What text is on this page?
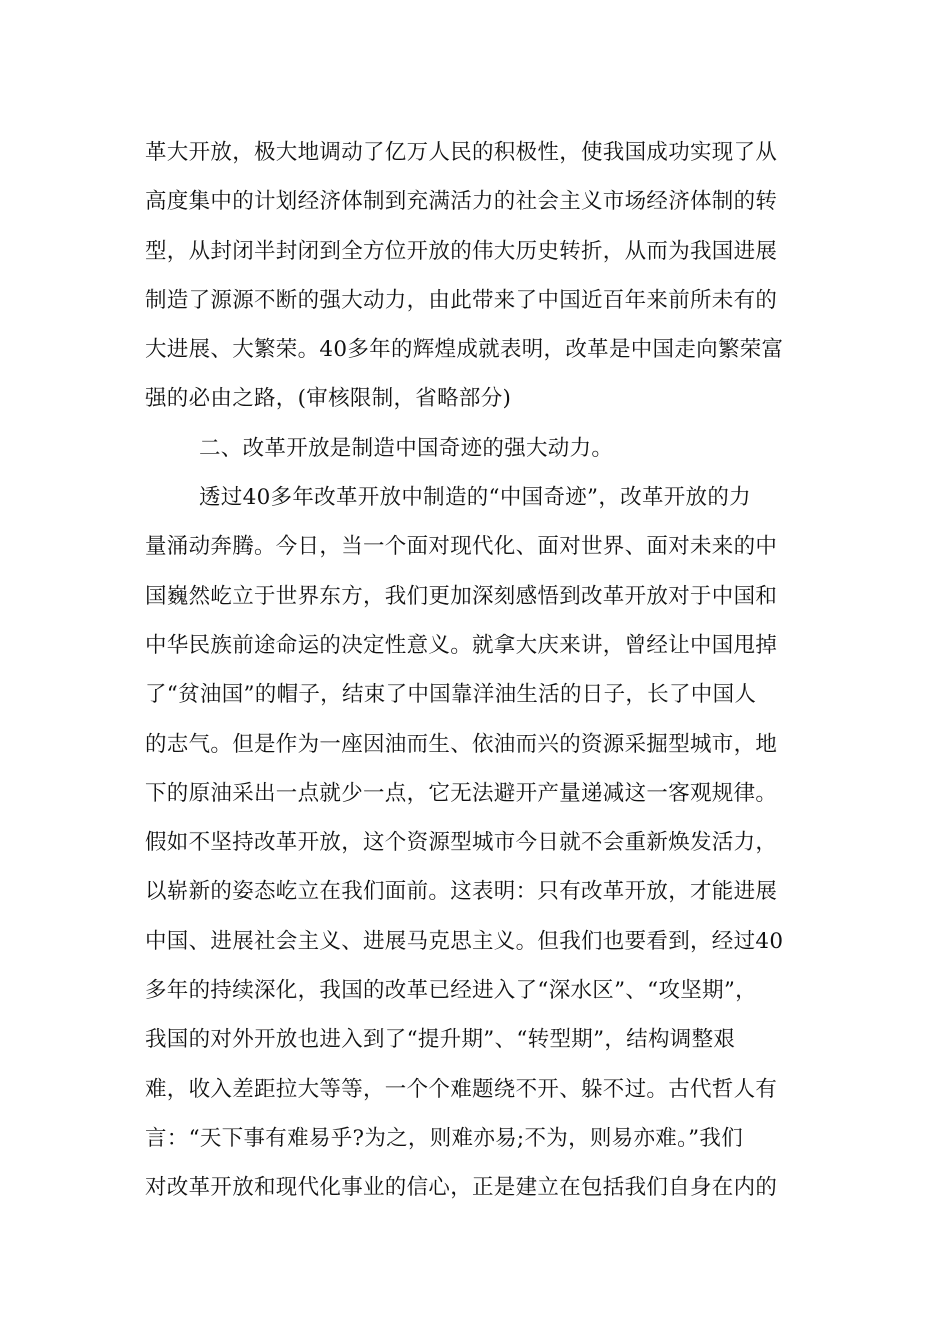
革大开放，极大地调动了亿万人民的积极性，使我国成功实现了从
高度集中的计划经济体制到充满活力的社会主义市场经济体制的转
型，从封闭半封闭到全方位开放的伟大历史转折，从而为我国进展
制造了源源不断的强大动力，由此带来了中国近百年来前所未有的
大进展、大繁荣。40多年的辉煌成就表明，改革是中国走向繁荣富
强的必由之路，(审核限制，省略部分)
二、改革开放是制造中国奇迹的强大动力。
透过40多年改革开放中制造的“中国奇迹”，改革开放的力
量涌动奔腾。今日，当一个面对现代化、面对世界、面对未来的中
国巍然屹立于世界东方，我们更加深刻感悟到改革开放对于中国和
中华民族前途命运的决定性意义。就拿大庆来讲，曾经让中国甩掉
了“贫油国”的帽子，结束了中国靠洋油生活的日子，长了中国人
的志气。但是作为一座因油而生、依油而兴的资源采掘型城市，地
下的原油采出一点就少一点，它无法避开产量递减这一客观规律。
假如不坚持改革开放，这个资源型城市今日就不会重新焕发活力，
以崭新的姿态屹立在我们面前。这表明：只有改革开放，才能进展
中国、进展社会主义、进展马克思主义。但我们也要看到，经过40
多年的持续深化，我国的改革已经进入了“深水区”、“攻坚期”，
我国的对外开放也进入到了“提升期”、“转型期”，结构调整艰
难，收入差距拉大等等，一个个难题绕不开、躲不过。古代哲人有
言：“天下事有难易乎?为之，则难亦易;不为，则易亦难。”我们
对改革开放和现代化事业的信心，正是建立在包括我们自身在内的
